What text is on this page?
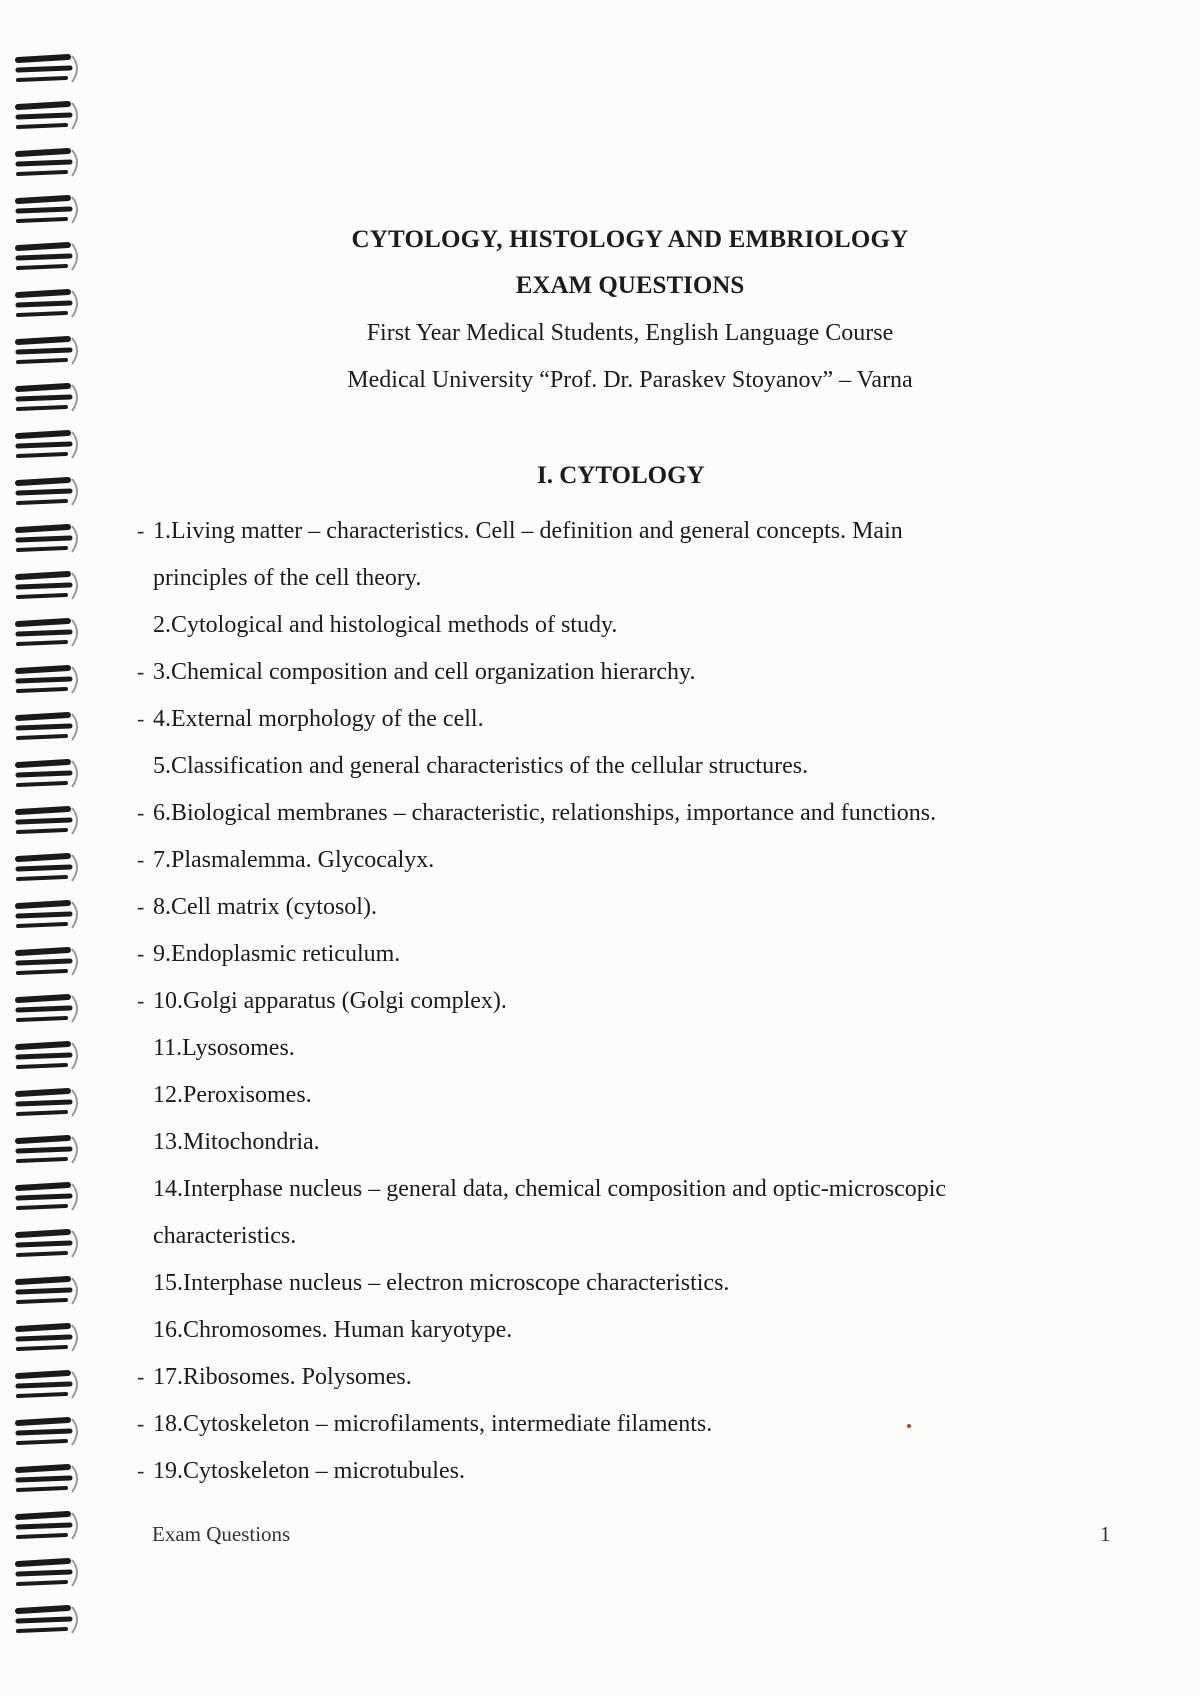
CYTOLOGY, HISTOLOGY AND EMBRIOLOGY
EXAM QUESTIONS
First Year Medical Students, English Language Course
Medical University “Prof. Dr. Paraskev Stoyanov” – Varna
I. CYTOLOGY
- 1.Living matter – characteristics. Cell – definition and general concepts. Main
principles of the cell theory.
2.Cytological and histological methods of study.
- 3.Chemical composition and cell organization hierarchy.
- 4.External morphology of the cell.
5.Classification and general characteristics of the cellular structures.
- 6.Biological membranes – characteristic, relationships, importance and functions.
- 7.Plasmalemma. Glycocalyx.
- 8.Cell matrix (cytosol).
- 9.Endoplasmic reticulum.
- 10.Golgi apparatus (Golgi complex).
11.Lysosomes.
12.Peroxisomes.
13.Mitochondria.
14.Interphase nucleus – general data, chemical composition and optic-microscopic
characteristics.
15.Interphase nucleus – electron microscope characteristics.
16.Chromosomes. Human karyotype.
- 17.Ribosomes. Polysomes.
- 18.Cytoskeleton – microfilaments, intermediate filaments.
- 19.Cytoskeleton – microtubules.
Exam Questions	1
